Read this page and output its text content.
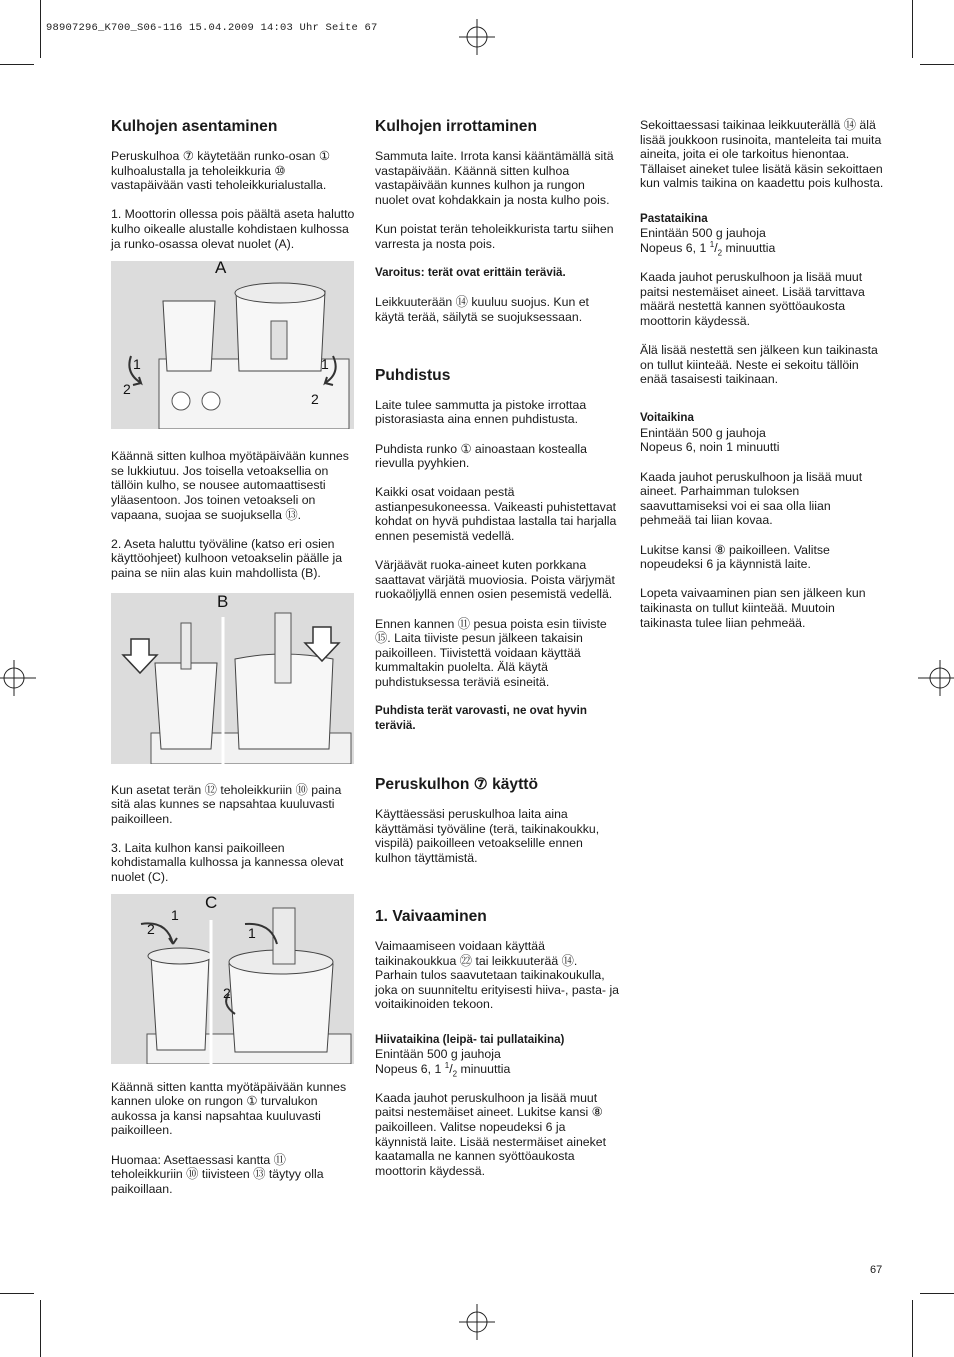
98907296_K700_S06-116 15.04.2009 14:03 Uhr Seite 67
Kulhojen asentaminen

Peruskulhoa ⑦ käytetään runko-osan ① kulhoalustalla ja teholeikkuria ⑩ vastapäivään vasti teholeikkurialustalla.

1. Moottorin ollessa pois päältä aseta halutto kulho oikealle alustalle kohdistaen kulhossa ja runko-osassa olevat nuolet (A).

1
2
1
2
A

Käännä sitten kulhoa myötäpäivään kunnes se lukkiutuu. Jos toisella vetoaksellia on tällöin kulho, se nousee automaattisesti yläasentoon. Jos toinen vetoakseli on vapaana, suojaa se suojuksella ⑬.

2. Aseta haluttu työväline (katso eri osien käyttöohjeet) kulhoon vetoakselin päälle ja paina se niin alas kuin mahdollista (B).

B

Kun asetat terän ⑫ teholeikkuriin ⑩ paina sitä alas kunnes se napsahtaa kuuluvasti paikoilleen.

3. Laita kulhon kansi paikoilleen kohdistamalla kulhossa ja kannessa olevat nuolet (C).

1
2	1
2
C

Käännä sitten kantta myötäpäivään kunnes kannen uloke on rungon ① turvalukon aukossa ja kansi napsahtaa kuuluvasti paikoilleen.

Huomaa: Asettaessasi kantta ⑪ teholeikkuriin ⑩ tiivisteen ⑬ täytyy olla paikoillaan.

Kulhojen irrottaminen

Sammuta laite. Irrota kansi kääntämällä sitä vastapäivään. Käännä sitten kulhoa vastapäivään kunnes kulhon ja rungon nuolet ovat kohdakkain ja nosta kulho pois.

Kun poistat terän teholeikkurista tartu siihen varresta ja nosta pois.

Varoitus: terät ovat erittäin teräviä.

Leikkuuterään ⑭ kuuluu suojus. Kun et käytä terää, säilytä se suojuksessaan.

Puhdistus

Laite tulee sammutta ja pistoke irrottaa pistorasiasta aina ennen puhdistusta.

Puhdista runko ① ainoastaan kostealla rievulla pyyhkien.

Kaikki osat voidaan pestä astianpesukoneessa. Vaikeasti puhistettavat kohdat on hyvä puhdistaa lastalla tai harjalla ennen pesemistä vedellä.

Värjäävät ruoka-aineet kuten porkkana saattavat värjätä muoviosia. Poista värjymät ruokaöljyllä ennen osien pesemistä vedellä.

Ennen kannen ⑪ pesua poista esin tiiviste ⑮. Laita tiiviste pesun jälkeen takaisin paikoilleen. Tiivistettä voidaan käyttää kummaltakin puolelta. Älä käytä puhdistuksessa teräviä esineitä.

Puhdista terät varovasti, ne ovat hyvin teräviä.

Peruskulhon ⑦ käyttö

Käyttäessäsi peruskulhoa laita aina käyttämäsi työväline (terä, taikinakoukku, vispilä) paikoilleen vetoakselille ennen kulhon täyttämistä.

1. Vaivaaminen

Vaimaamiseen voidaan käyttää taikinakoukkua ㉒ tai leikkuuterää ⑭. Parhain tulos saavutetaan taikinakoukulla, joka on suunniteltu erityisesti hiiva-, pasta- ja voitaikinoiden tekoon.

Hiivataikina (leipä- tai pullataikina)
Enintään 500 g jauhoja

Nopeus 6, 1 $^1/_2$ minuuttia

Kaada jauhot peruskulhoon ja lisää muut paitsi nestemäiset aineet. Lukitse kansi ⑧ paikoilleen. Valitse nopeudeksi 6 ja käynnistä laite. Lisää nestermäiset aineket kaatamalla ne kannen syöttöaukosta moottorin käydessä.

Sekoittaessasi taikinaa leikkuuterällä ⑭ älä lisää joukkoon rusinoita, manteleita tai muita aineita, joita ei ole tarkoitus hienontaa. Tällaiset aineket tulee lisätä käsin sekoittaen kun valmis taikina on kaadettu pois kulhosta.

Pastataikina
Enintään 500 g jauhoja

Nopeus 6, 1 $^1/_2$ minuuttia

Kaada jauhot peruskulhoon ja lisää muut paitsi nestemäiset aineet. Lisää tarvittava määrä nestettä kannen syöttöaukosta moottorin käydessä.

Älä lisää nestettä sen jälkeen kun taikinasta on tullut kiinteää. Neste ei sekoitu tällöin enää tasaisesti taikinaan.

Voitaikina
Enintään 500 g jauhoja

Nopeus 6, noin 1 minuutti

Kaada jauhot peruskulhoon ja lisää muut aineet. Parhaimman tuloksen saavuttamiseksi voi ei saa olla liian pehmeää tai liian kovaa.

Lukitse kansi ⑧ paikoilleen. Valitse nopeudeksi 6 ja käynnistä laite.

Lopeta vaivaaminen pian sen jälkeen kun taikinasta on tullut kiinteää. Muutoin taikinasta tulee liian pehmeää.

67
